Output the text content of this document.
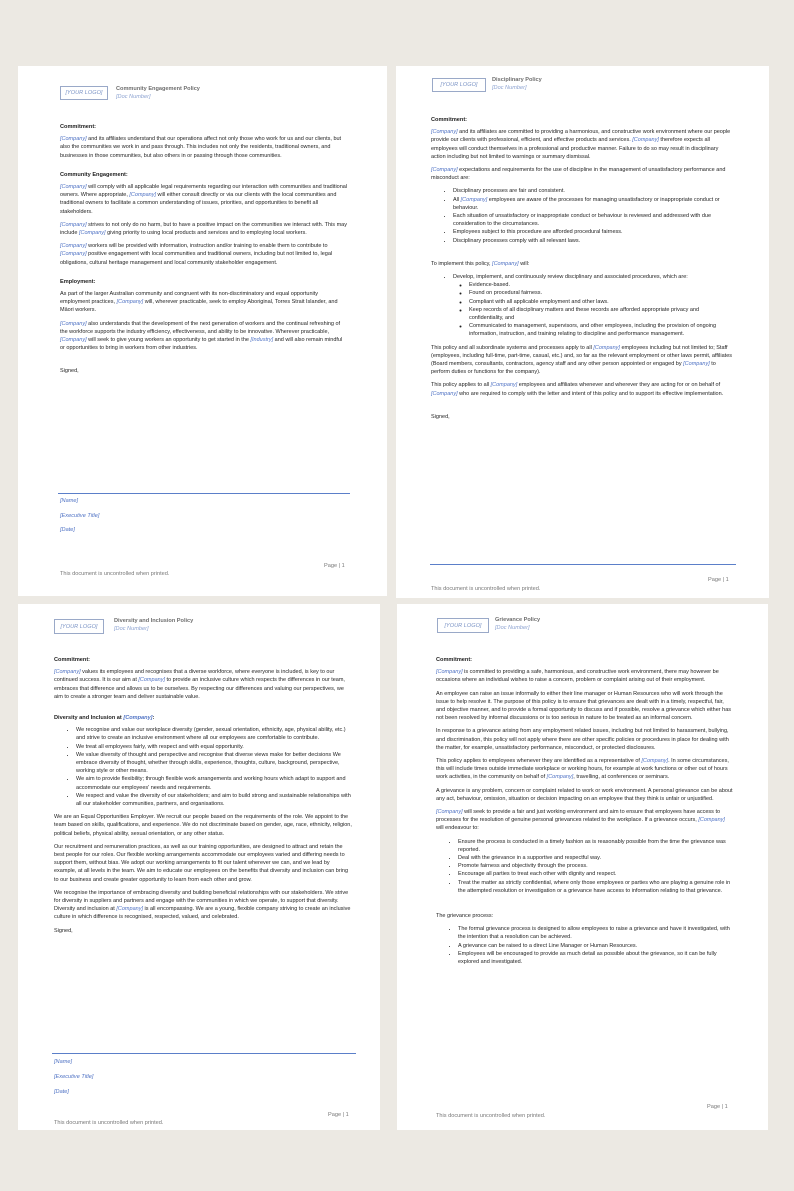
[YOUR LOGO]
Community Engagement Policy
[Doc Number]
Commitment:

[Company] and its affiliates understand that our operations affect not only those who work for us and our clients, but also the communities we work in and pass through. This includes not only the residents, traditional owners, and businesses in those communities, but also others in or passing through those communities.

Community Engagement:

[Company] will comply with all applicable legal requirements regarding our interaction with communities and traditional owners. Where appropriate, [Company] will either consult directly or via our clients with the local communities and traditional owners to facilitate a common understanding of issues, priorities, and opportunities to benefit all stakeholders.

[Company] strives to not only do no harm, but to have a positive impact on the communities we interact with. This may include [Company] giving priority to using local products and services and to employing local workers.

[Company] workers will be provided with information, instruction and/or training to enable them to contribute to [Company] positive engagement with local communities and traditional owners, including but not limited to, legal obligations, cultural heritage management and local community stakeholder engagement.

Employment:

As part of the larger Australian community and congruent with its non-discriminatory and equal opportunity employment practices, [Company] will, wherever practicable, seek to employ Aboriginal, Torres Strait Islander, and Māori workers.

[Company] also understands that the development of the next generation of workers and the continual refreshing of the workforce supports the industry efficiency, effectiveness, and ability to be innovative. Wherever practicable, [Company] will seek to give young workers an opportunity to get started in the [Industry] and will also remain mindful or opportunities to bring in workers from other industries.

Signed,

[Name]
[Executive Title]
[Date]
Page | 1
This document is uncontrolled when printed.
[YOUR LOGO]
Disciplinary Policy
[Doc Number]
Commitment:

[Company] and its affiliates are committed to providing a harmonious, and constructive work environment where our people provide our clients with professional, efficient, and effective products and services. [Company] therefore expects all employees will conduct themselves in a professional and productive manner. Failure to do so may result in disciplinary action including but not limited to warnings or summary dismissal.

[Company] expectations and requirements for the use of discipline in the management of unsatisfactory performance and misconduct are:

• Disciplinary processes are fair and consistent.
• All [Company] employees are aware of the processes for managing unsatisfactory or inappropriate conduct or behaviour.
• Each situation of unsatisfactory or inappropriate conduct or behaviour is reviewed and addressed with due consideration to the circumstances.
• Employees subject to this procedure are afforded procedural fairness.
• Disciplinary processes comply with all relevant laws.

To implement this policy, [Company] will:

• Develop, implement, and continuously review disciplinary and associated procedures, which are:
◦ Evidence-based.
◦ Found on procedural fairness.
◦ Compliant with all applicable employment and other laws.
◦ Keep records of all disciplinary matters and these records are afforded appropriate privacy and confidentiality, and
◦ Communicated to management, supervisors, and other employees, including the provision of ongoing information, instruction, and training relating to discipline and performance management.

This policy and all subordinate systems and processes apply to all [Company] employees including but not limited to; Staff (employees, including full-time, part-time, casual, etc.) and, so far as the relevant employment or other laws permit, affiliates (Board members, consultants, contractors, agency staff and any other person appointed or engaged by [Company] to perform duties or functions for the company).

This policy applies to all [Company] employees and affiliates whenever and wherever they are acting for or on behalf of [Company] who are required to comply with the letter and intent of this policy and to support its effective implementation.

Signed,

Page | 1
This document is uncontrolled when printed.
[YOUR LOGO]
Diversity and Inclusion Policy
[Doc Number]
Commitment:

[Company] values its employees and recognises that a diverse workforce, where everyone is included, is key to our continued success. It is our aim at [Company] to provide an inclusive culture which respects the differences in our team, embraces that difference and allows us to be ourselves. By respecting our differences and valuing our perspectives, we aim to create a stronger team and deliver sustainable value.

Diversity and Inclusion at [Company]:
• We recognise and value our workplace diversity (gender, sexual orientation, ethnicity, age, physical ability, etc.) and strive to create an inclusive environment where all our employees are comfortable to contribute.
• We treat all employees fairly, with respect and with equal opportunity.
• We value diversity of thought and perspective and recognise that diverse views make for better decisions We embrace diversity of thought, whether through skills, experience, thoughts, culture, background, perspective, working style or other means.
• We aim to provide flexibility; through flexible work arrangements and working hours which adapt to support and accommodate our employees' needs and requirements.
• We respect and value the diversity of our stakeholders; and aim to build strong and sustainable relationships with all our stakeholder communities, partners, and organisations.

We are an Equal Opportunities Employer. We recruit our people based on the requirements of the role. We appoint to the team based on skills, qualifications, and experience. We do not discriminate based on gender, age, race, ethnicity, religion, political beliefs, physical ability, sexual orientation, or any other status.

Our recruitment and remuneration practices, as well as our training opportunities, are designed to attract and retain the best people for our roles. Our flexible working arrangements accommodate our employees varied and differing needs to support them, without bias. We adopt our working arrangements to fit our talent wherever we can, and we lead by example, at all levels in the team. We aim to educate our employees on the benefits that diversity and inclusion can bring to our business and create greater opportunity to learn from each other and grow.

We recognise the importance of embracing diversity and building beneficial relationships with our stakeholders. We strive for diversity in suppliers and partners and engage with the communities in which we operate, to support that diversity. Diversity and inclusion at [Company] is all encompassing. We are a young, flexible company striving to create an inclusive culture in which difference is recognised, respected, valued, and celebrated.

Signed,

[Name]
[Executive Title]
[Date]
Page | 1
This document is uncontrolled when printed.
[YOUR LOGO]
Grievance Policy
[Doc Number]
Commitment:

[Company] is committed to providing a safe, harmonious, and constructive work environment, there may however be occasions where an individual wishes to raise a concern, problem or complaint arising out of their employment.

An employee can raise an issue informally to either their line manager or Human Resources who will work through the issue to help resolve it. The purpose of this policy is to ensure that grievances are dealt with in a timely, respectful, fair, and objective manner, and to provide a formal opportunity to discuss and if possible, resolve a grievance which either has not been resolved by informal discussions or is too serious in nature to be treated as an informal concern.

In response to a grievance arising from any employment related issues, including but not limited to harassment, bullying, and discrimination, this policy will not apply where there are other specific policies or procedures in place for dealing with the matter, for example, unsatisfactory performance, misconduct, or protected disclosures.

This policy applies to employees whenever they are identified as a representative of [Company]. In some circumstances, this will include times outside immediate workplace or working hours, for example at work functions or other out of hours work activities, in the community on behalf of [Company], travelling, at conferences or seminars.

A grievance is any problem, concern or complaint related to work or work environment. A personal grievance can be about any act, behaviour, omission, situation or decision impacting on an employee that they think is unfair or unjustified.

[Company] will seek to provide a fair and just working environment and aim to ensure that employees have access to processes for the resolution of genuine personal grievances related to the workplace. If a grievance occurs, [Company] will endeavour to:

• Ensure the process is conducted in a timely fashion as is reasonably possible from the time the grievance was reported.
• Deal with the grievance in a supportive and respectful way.
• Promote fairness and objectivity through the process.
• Encourage all parties to treat each other with dignity and respect.
• Treat the matter as strictly confidential, where only those employees or parties who are playing a genuine role in the attempted resolution or investigation or a grievance have access to information relating to that grievance.

The grievance process:

• The formal grievance process is designed to allow employees to raise a grievance and have it investigated, with the intention that a resolution can be achieved.
• A grievance can be raised to a direct Line Manager or Human Resources.
• Employees will be encouraged to provide as much detail as possible about the grievance, so it can be fully explored and investigated.
Page | 1
This document is uncontrolled when printed.
